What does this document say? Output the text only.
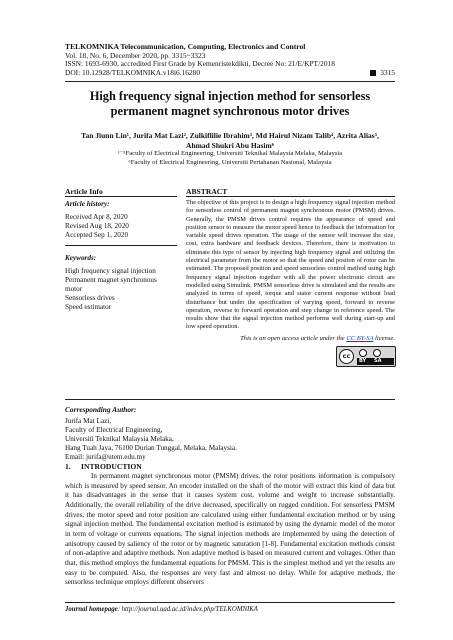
TELKOMNIKA Telecommunication, Computing, Electronics and Control
Vol. 18, No. 6, December 2020, pp. 3315~3323
ISSN: 1693-6930, accredited First Grade by Kemenristekdikti, Decree No: 21/E/KPT/2018
DOI: 10.12928/TELKOMNIKA.v18i6.16280	3315
High frequency signal injection method for sensorless
permanent magnet synchronous motor drives
Tan Jiunn Lin¹, Jurifa Mat Lazi², Zulkiflilie Ibrahim³, Md Hairul Nizam Talib⁴, Azrita Alias⁵,
Ahmad Shukri Abu Hasim⁶
¹⁻⁵Faculty of Electrical Engineering, Universiti Teknikal Malaysia Melaka, Malaysia
⁶Faculty of Electrical Engineering, Universiti Pertahanan Nasional, Malaysia
Article Info
Article history:
Received Apr 8, 2020
Revised Aug 18, 2020
Accepted Sep 1, 2020
Keywords:
High frequency signal injection
Permanent magnet synchronous
motor
Sensorless drives
Speed estimator
ABSTRACT
The objective of this project is to design a high frequency signal injection method for sensorless control of permanent magnet synchronous motor (PMSM) drives. Generally, the PMSM drives control requires the appearance of speed and position sensor to measure the motor speed hence to feedback the information for variable speed drives operation. The usage of the sensor will increase the size, cost, extra hardware and feedback devices. Therefore, there is motivation to eliminate this type of sensor by injecting high frequency signal and utilizing the electrical parameter from the motor so that the speed and positon of rotor can be estimated. The proposed position and speed sensorless control method using high frequency signal injection together with all the power electronic circuit are modelled using Simulink. PMSM sensorless drive is simulated and the results are analyzed in terms of speed, torque and stator current response without load disturbance but under the specification of varying speed, forward to reverse operation, reverse to forward operation and step change in reference speed. The results show that the signal injection method performs well during start-up and low speed operation.
This is an open access article under the CC BY-SA license.
cc
BY SA
Corresponding Author:
Jurifa Mat Lazi,
Faculty of Electrical Engineering,
Universiti Teknikal Malaysia Melaka,
Hang Tuah Jaya, 76100 Durian Tunggal, Melaka, Malaysia.
Email: jurifa@utem.edu.my
1. INTRODUCTION
In permanent magnet synchronous motor (PMSM) drives, the rotor positions information is compulsory which is measured by speed sensor. An encoder installed on the shaft of the motor will extract this kind of data but it has disadvantages in the sense that it causes system cost, volume and weight to increase substantially. Additionally, the overall reliability of the drive decreased, specifically on rugged condition. For sensorless PMSM drives, the motor speed and rotor position are calculated using either fundamental excitation method or by using signal injection method. The fundamental excitation method is estimated by using the dynamic model of the motor in term of voltage or currents equations. The signal injection methods are implemented by using the detection of anisotropy caused by saliency of the rotor or by magnetic saturation [1-8]. Fundamental excitation methods consist of non-adaptive and adaptive methods. Non adaptive method is based on measured current and voltages. Other than that, this method employs the fundamental equations for PMSM. This is the simplest method and yet the results are easy to be computed. Also, the responses are very fast and almost no delay. While for adaptive methods, the sensorless technique employs different observers
Journal homepage: http://journal.uad.ac.id/index.php/TELKOMNIKA
